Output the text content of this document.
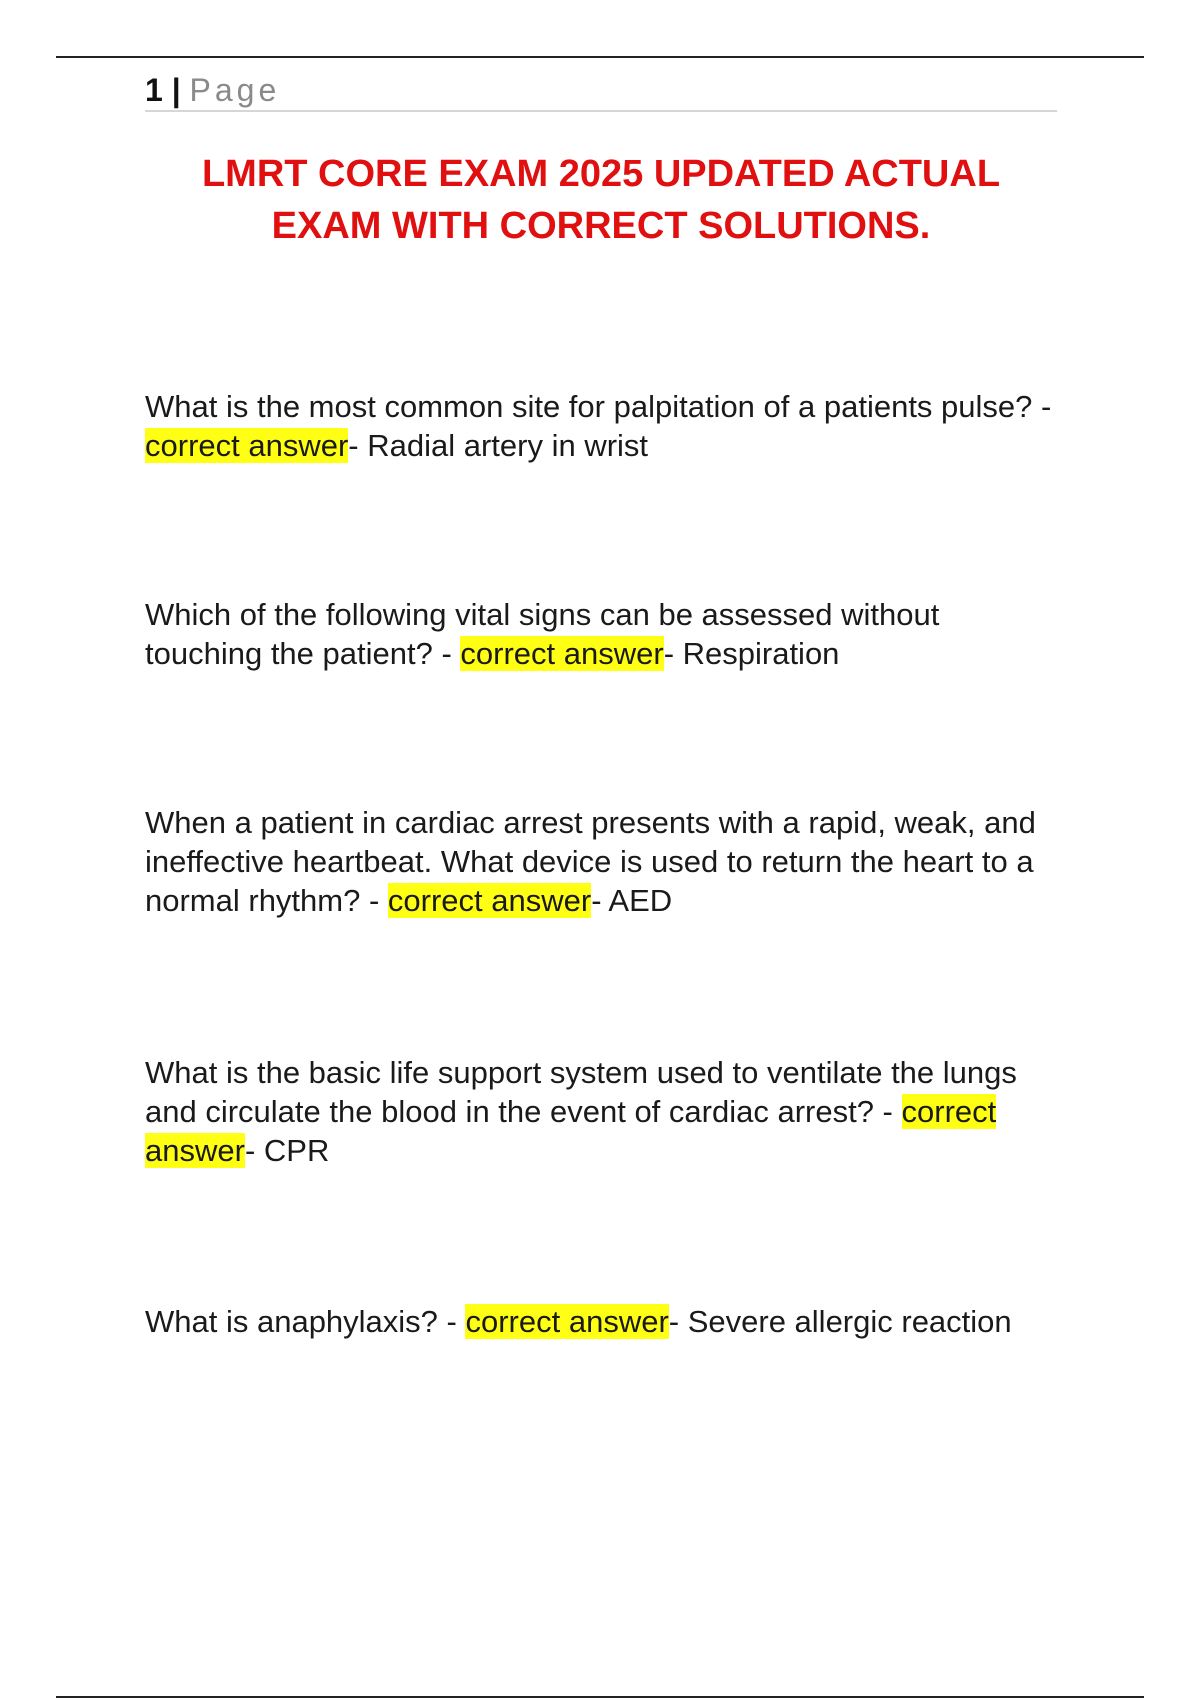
1 | Page
LMRT CORE EXAM 2025 UPDATED ACTUAL EXAM WITH CORRECT SOLUTIONS.

What is the most common site for palpitation of a patients pulse? - correct answer- Radial artery in wrist

Which of the following vital signs can be assessed without touching the patient? - correct answer- Respiration

When a patient in cardiac arrest presents with a rapid, weak, and ineffective heartbeat. What device is used to return the heart to a normal rhythm? - correct answer- AED

What is the basic life support system used to ventilate the lungs and circulate the blood in the event of cardiac arrest? - correct answer- CPR

What is anaphylaxis? - correct answer- Severe allergic reaction
